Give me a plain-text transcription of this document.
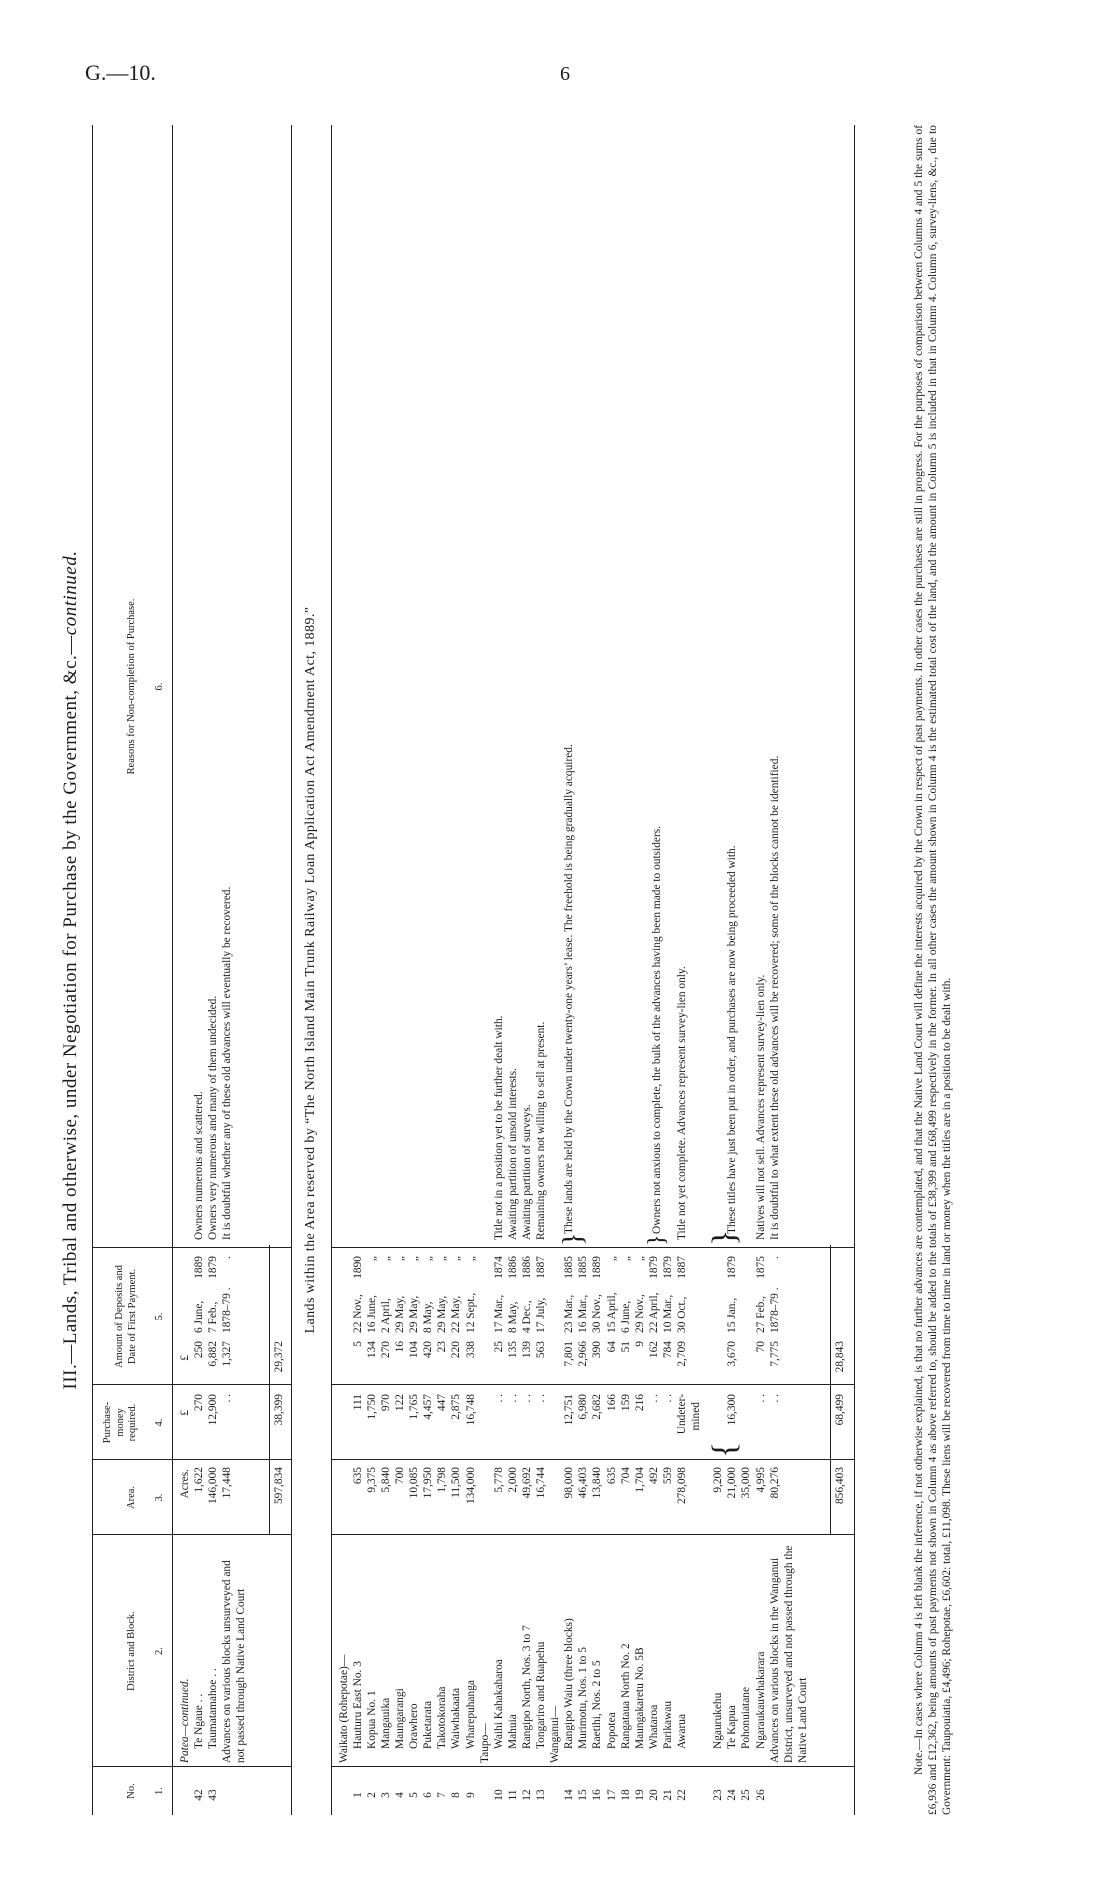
G.—10.	6
III.—Lands, Tribal and otherwise, under Negotiation for Purchase by the Government, &c.—continued.
No. 1.
District and Block. 2.
Area. 3.
Purchase-money required. 4.
Amount of Deposits and Date of First Payment. 5.
Reasons for Non-completion of Purchase. 6.
Acres.
£
£
Patea—continued.
42
Te Ngaue . .
1,622
270
250
6 June,
1889
Owners numerous and scattered.
43
Taumatamahoe . .
146,000
12,900
6,882
7 Feb.,
1879
Owners very numerous and many of them undecided.
Advances on various blocks unsurveyed and not passed through Native Land Court
17,448
. .
1,327
1878–79 .
.
It is doubtful whether any of these old advances will eventually be recovered.
597,834
38,399
29,372
Lands within the Area reserved by “The North Island Main Trunk Railway Loan Application Act Amendment Act, 1889.”
Waikato (Rohepotae)—
1
Hauturu East No. 3
635
111
5
22 Nov.,
1890
2
Kopua No. 1
9,375
1,750
134
16 June,
„
3
Mangauika
5,840
970
270
2 April,
„
4
Maungarangi
700
122
16
29 May,
„
5
Orawhero
10,085
1,765
104
29 May,
„
6
Puketarata
17,950
4,457
420
8 May,
„
7
Takotokoraha
1,798
447
23
29 May,
„
8
Waiwhakaata
11,500
2,875
220
22 May,
„
9
Wharepuhanga
134,000
16,748
338
12 Sept.,
„
Taupo—
10
Waihi Kahakaharoa
5,778
. .
25
17 Mar.,
1874
Title not in a position yet to be further dealt with.
11
Mahuia
2,000
. .
135
8 May,
1886
Awaiting partition of unsold interests.
12
Rangipo North, Nos. 3 to 7
49,692
. .
139
4 Dec.,
1886
Awaiting partition of surveys.
13
Tongariro and Ruapehu
16,744
. .
563
17 July,
1887
Remaining owners not willing to sell at present.
Wanganui—
14
Rangipo Waiu (three blocks)
98,000
12,751
7,801
23 Mar.,
1885
15
Murimotu, Nos. 1 to 5
46,403
6,980
2,966
16 Mar.,
1885
16
Raetihi, Nos. 2 to 5
13,840
2,682
390
30 Nov.,
1889
17
Popotea
635
166
64
15 April,
„
18
Rangataua North No. 2
704
159
51
6 June,
„
19
Maungakaretu No. 5B
1,704
216
9
29 Nov.,
„
20
Whataroa
492
. .
162
22 April,
1879
21
Parikawau
559
. .
784
10 Mar.,
1879
22
Awarua
278,098
Undeter- mined
2,709
30 Oct.,
1887
}
These lands are held by the Crown under twenty-one years’ lease. The freehold is being gradually acquired.
}
Owners not anxious to complete, the bulk of the advances having been made to outsiders. Title not yet complete. Advances represent survey-lien only.
23
Ngaurukehu
9,200
24
Te Kapua
21,000
3,670
15 Jan.,
1879
25
Pohonuiatane
35,000
26
Ngaraukauwhakarara
4,995
. .
70
27 Feb.,
1875
Advances on various blocks in the Wanganui District, unsurveyed and not passed through the Native Land Court
80,276
. .
7,775
1878–79 .
.
{
16,300
}
These titles have just been put in order, and purchases are now being proceeded with. Natives will not sell. Advances represent survey-lien only. It is doubtful to what extent these old advances will be recovered; some of the blocks cannot be identified.
856,403
68,499
28,843	Note.—In cases where Column 4 is left blank the inference, if not otherwise explained, is that no further advances are contemplated, and that the Native Land Court will define the interests acquired by the Crown in respect of past payments. In other cases the purchases are still in progress. For the purposes of comparison between Columns 4 and 5 the sums of £6,936 and £12,362, being amounts of past payments not shown in Column 4 as above referred to, should be added to the totals of £38,399 and £68,499 respectively in the former. In all other cases the amount shown in Column 4 is the estimated total cost of the land, and the amount in Column 5 is included in that in Column 4. Column 6, survey-liens, &c., due to Government: Taupouiatia, £4,496; Rohepotae, £6,602: total, £11,098. These liens will be recovered from time to time in land or money when the titles are in a position to be dealt with.
